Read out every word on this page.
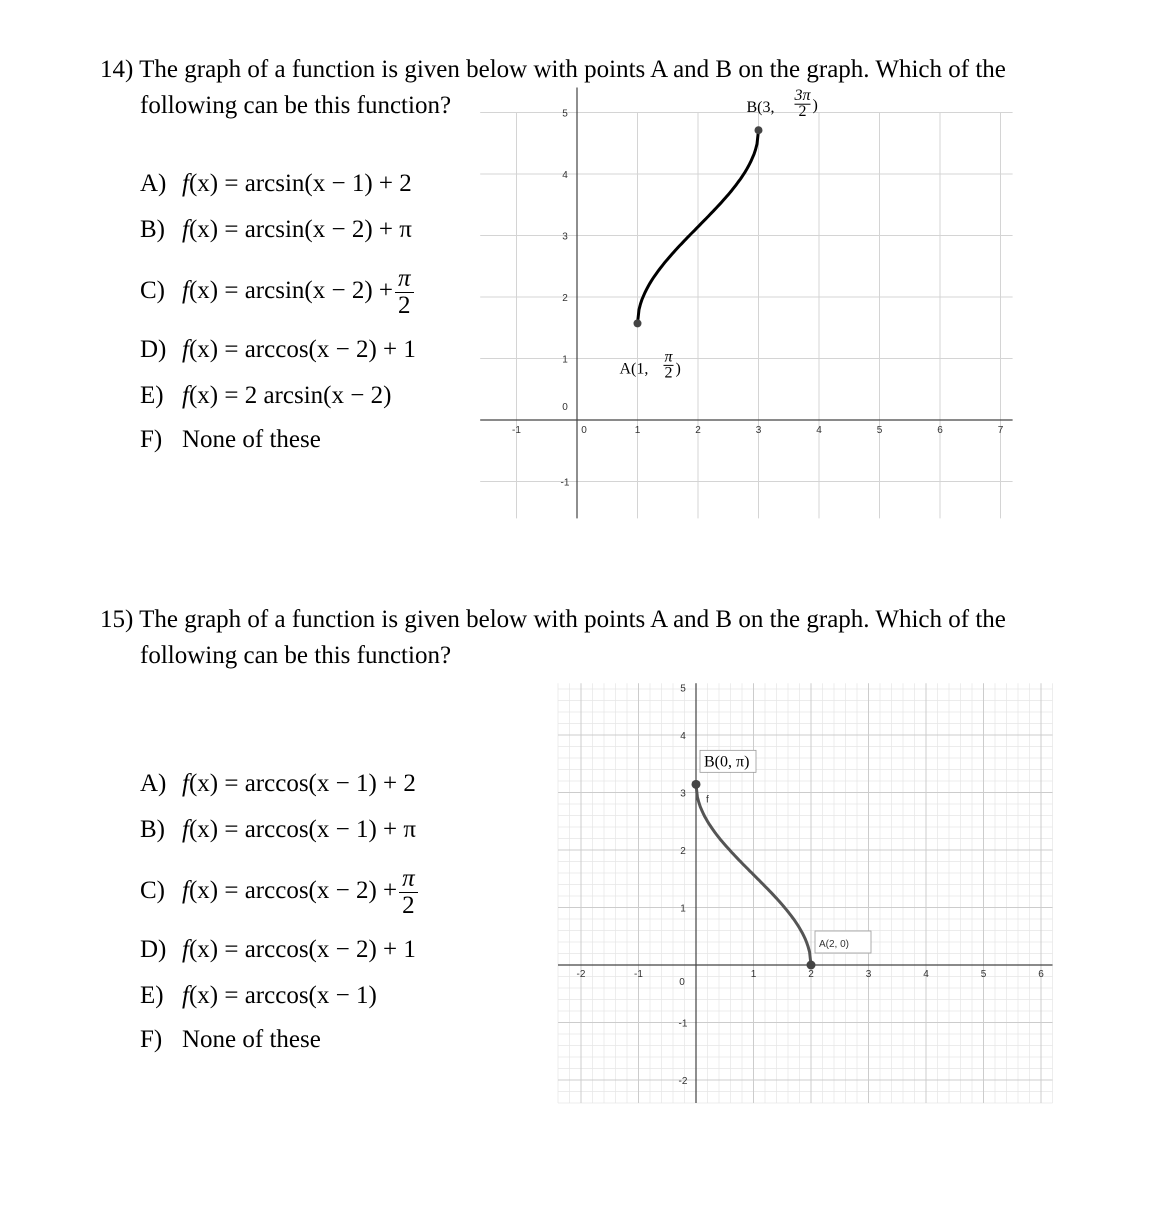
14) The graph of a function is given below with points A and B on the graph. Which of the

following can be this function?

A) f(x) = arcsin(x − 1) + 2
B) f(x) = arcsin(x − 2) + π
C) $f(x) = \arcsin(x - 2) + \frac{\pi}{2}$
D) f(x) = arccos(x − 2) + 1
E) f(x) = 2 arcsin(x − 2)
F) None of these	-1	0	1	2	3	4	5	6	7
-1
0
1
2
3
4
5
A(1,
π
2 )
B(3,
3π
2 )

15) The graph of a function is given below with points A and B on the graph. Which of the

following can be this function?

A) f(x) = arccos(x − 1) + 2
B) f(x) = arccos(x − 1) + π
C) $f(x) = \arccos(x - 2) + \frac{\pi}{2}$
D) f(x) = arccos(x − 2) + 1
E) f(x) = arccos(x − 1)
F) None of these
-2	-1
0
1	2	3	4	5	6
-2
-1
1
2
3
4
5
B(0, π)
f
A(2, 0)
